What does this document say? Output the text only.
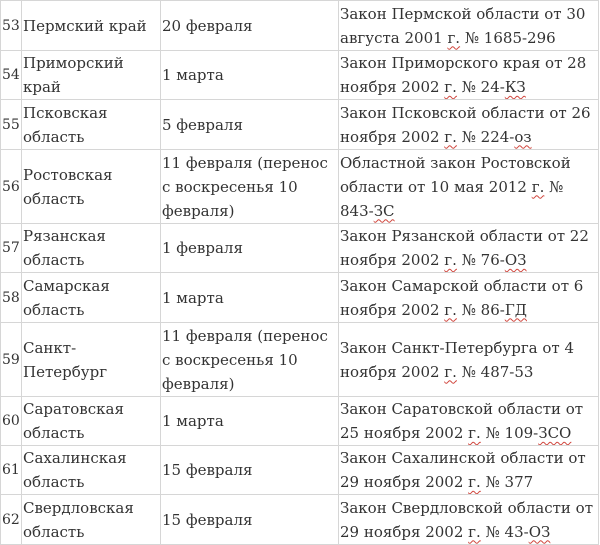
53	Пермский край	20 февраля	Закон Пермской области от 30 августа 2001 г. № 1685-296
54	Приморский край	1 марта	Закон Приморского края от 28 ноября 2002 г. № 24-КЗ
55	Псковская область	5 февраля	Закон Псковской области от 26 ноября 2002 г. № 224-оз
56	Ростовская область	11 февраля (перенос с воскресенья 10 февраля)	Областной закон Ростовской области от 10 мая 2012 г. № 843-ЗС
57	Рязанская область	1 февраля	Закон Рязанской области от 22 ноября 2002 г. № 76-ОЗ
58	Самарская область	1 марта	Закон Самарской области от 6 ноября 2002 г. № 86-ГД
59	Санкт-Петербург	11 февраля (перенос с воскресенья 10 февраля)	Закон Санкт-Петербурга от 4 ноября 2002 г. № 487-53
60	Саратовская область	1 марта	Закон Саратовской области от 25 ноября 2002 г. № 109-ЗСО
61	Сахалинская область	15 февраля	Закон Сахалинской области от 29 ноября 2002 г. № 377
62	Свердловская область	15 февраля	Закон Свердловской области от 29 ноября 2002 г. № 43-ОЗ
